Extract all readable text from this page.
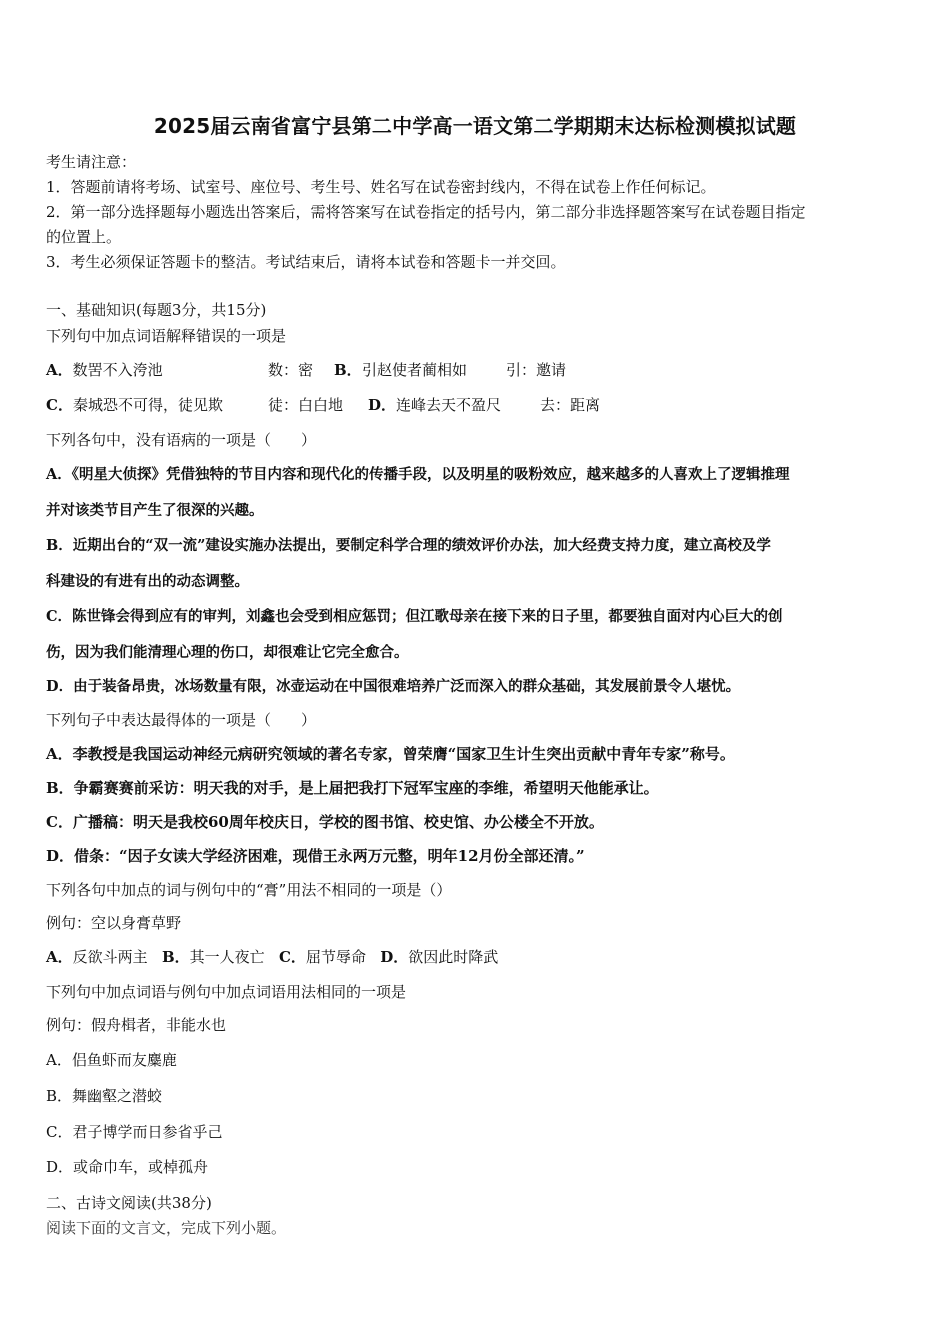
2025届云南省富宁县第二中学高一语文第二学期期末达标检测模拟试题
考生请注意：
1．答题前请将考场、试室号、座位号、考生号、姓名写在试卷密封线内，不得在试卷上作任何标记。
2．第一部分选择题每小题选出答案后，需将答案写在试卷指定的括号内，第二部分非选择题答案写在试卷题目指定
的位置上。
3．考生必须保证答题卡的整洁。考试结束后，请将本试卷和答题卡一并交回。
一、基础知识(每题3分，共15分)
下列句中加点词语解释错误的一项是
A．数罟不入洿池	数：密 B． 引赵使者蔺相如	引：邀请
C．秦城恐不可得，徒见欺	徒：白白地 D． 连峰去天不盈尺	去：距离
下列各句中，没有语病的一项是（　　）
A．《明星大侦探》凭借独特的节目内容和现代化的传播手段，以及明星的吸粉效应，越来越多的人喜欢上了逻辑推理
并对该类节目产生了很深的兴趣。
B．近期出台的“双一流”建设实施办法提出，要制定科学合理的绩效评价办法，加大经费支持力度，建立高校及学
科建设的有进有出的动态调整。
C．陈世锋会得到应有的审判，刘鑫也会受到相应惩罚；但江歌母亲在接下来的日子里，都要独自面对内心巨大的创
伤，因为我们能清理心理的伤口，却很难让它完全愈合。
D．由于装备昂贵，冰场数量有限，冰壶运动在中国很难培养广泛而深入的群众基础，其发展前景令人堪忧。
下列句子中表达最得体的一项是（　　）
A．李教授是我国运动神经元病研究领域的著名专家，曾荣膺“国家卫生计生突出贡献中青年专家”称号。
B．争霸赛赛前采访：明天我的对手，是上届把我打下冠军宝座的李维，希望明天他能承让。
C．广播稿：明天是我校60周年校庆日，学校的图书馆、校史馆、办公楼全不开放。
D．借条：“因子女读大学经济困难，现借王永两万元整，明年12月份全部还清。”
下列各句中加点的词与例句中的“膏”用法不相同的一项是（）
例句：空以身膏草野
A．反欲斗两主 B．其一人夜亡 C．屈节辱命 D．欲因此时降武
下列句中加点词语与例句中加点词语用法相同的一项是
例句：假舟楫者，非能水也
A．侣鱼虾而友麋鹿
B．舞幽壑之潜蛟
C．君子博学而日参省乎己
D．或命巾车，或棹孤舟
二、古诗文阅读(共38分)
阅读下面的文言文，完成下列小题。
